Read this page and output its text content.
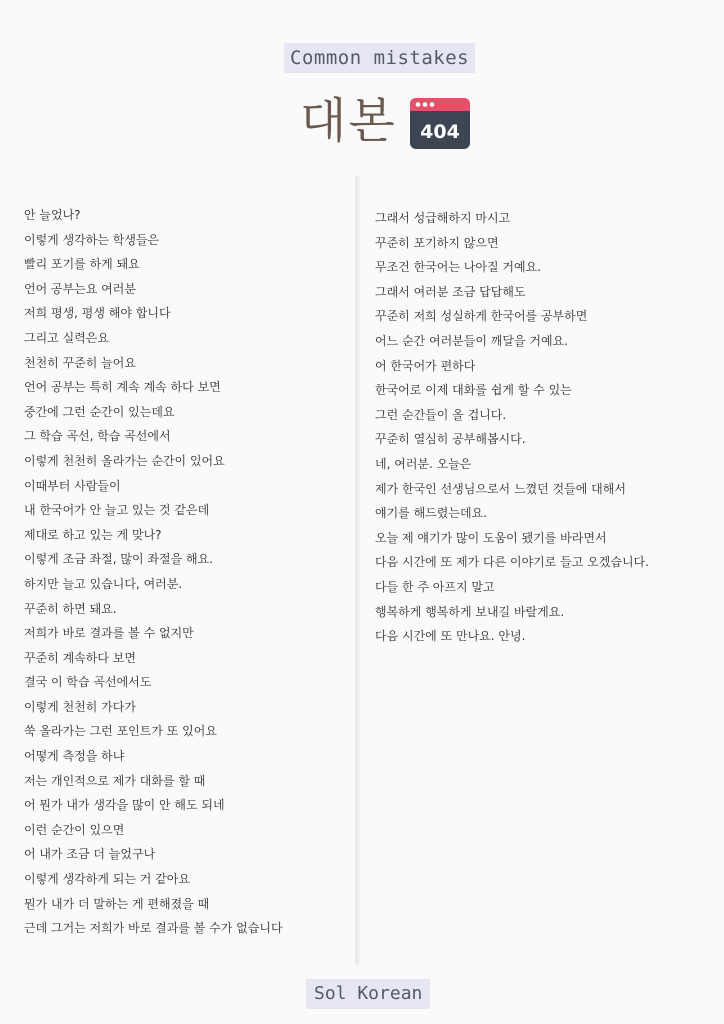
Common mistakes
대본 404
안 늘었나?
이렇게 생각하는 학생들은
빨리 포기를 하게 돼요
언어 공부는요 여러분
저희 평생, 평생 해야 합니다
그리고 실력은요
천천히 꾸준히 늘어요
언어 공부는 특히 계속 계속 하다 보면
중간에 그런 순간이 있는데요
그 학습 곡선, 학습 곡선에서
이렇게 천천히 올라가는 순간이 있어요
이때부터 사람들이
내 한국어가 안 늘고 있는 것 같은데
제대로 하고 있는 게 맞나?
이렇게 조금 좌절, 많이 좌절을 해요.
하지만 늘고 있습니다, 여러분.
꾸준히 하면 돼요.
저희가 바로 결과를 볼 수 없지만
꾸준히 계속하다 보면
결국 이 학습 곡선에서도
이렇게 천천히 가다가
쑥 올라가는 그런 포인트가 또 있어요
어떻게 측정을 하냐
저는 개인적으로 제가 대화를 할 때
어 뭔가 내가 생각을 많이 안 해도 되네
이런 순간이 있으면
어 내가 조금 더 늘었구나
이렇게 생각하게 되는 거 같아요
뭔가 내가 더 말하는 게 편해졌을 때
근데 그거는 저희가 바로 결과를 볼 수가 없습니다
그래서 성급해하지 마시고
꾸준히 포기하지 않으면
무조건 한국어는 나아질 거예요.
그래서 여러분 조금 답답해도
꾸준히 저희 성실하게 한국어를 공부하면
어느 순간 여러분들이 깨달을 거예요.
어 한국어가 편하다
한국어로 이제 대화를 쉽게 할 수 있는
그런 순간들이 올 겁니다.
꾸준히 열심히 공부해봅시다.
네, 여러분. 오늘은
제가 한국인 선생님으로서 느꼈던 것들에 대해서
얘기를 해드렸는데요.
오늘 제 얘기가 많이 도움이 됐기를 바라면서
다음 시간에 또 제가 다른 이야기로 들고 오겠습니다.
다들 한 주 아프지 말고
행복하게 행복하게 보내길 바랄게요.
다음 시간에 또 만나요. 안녕.
Sol Korean
